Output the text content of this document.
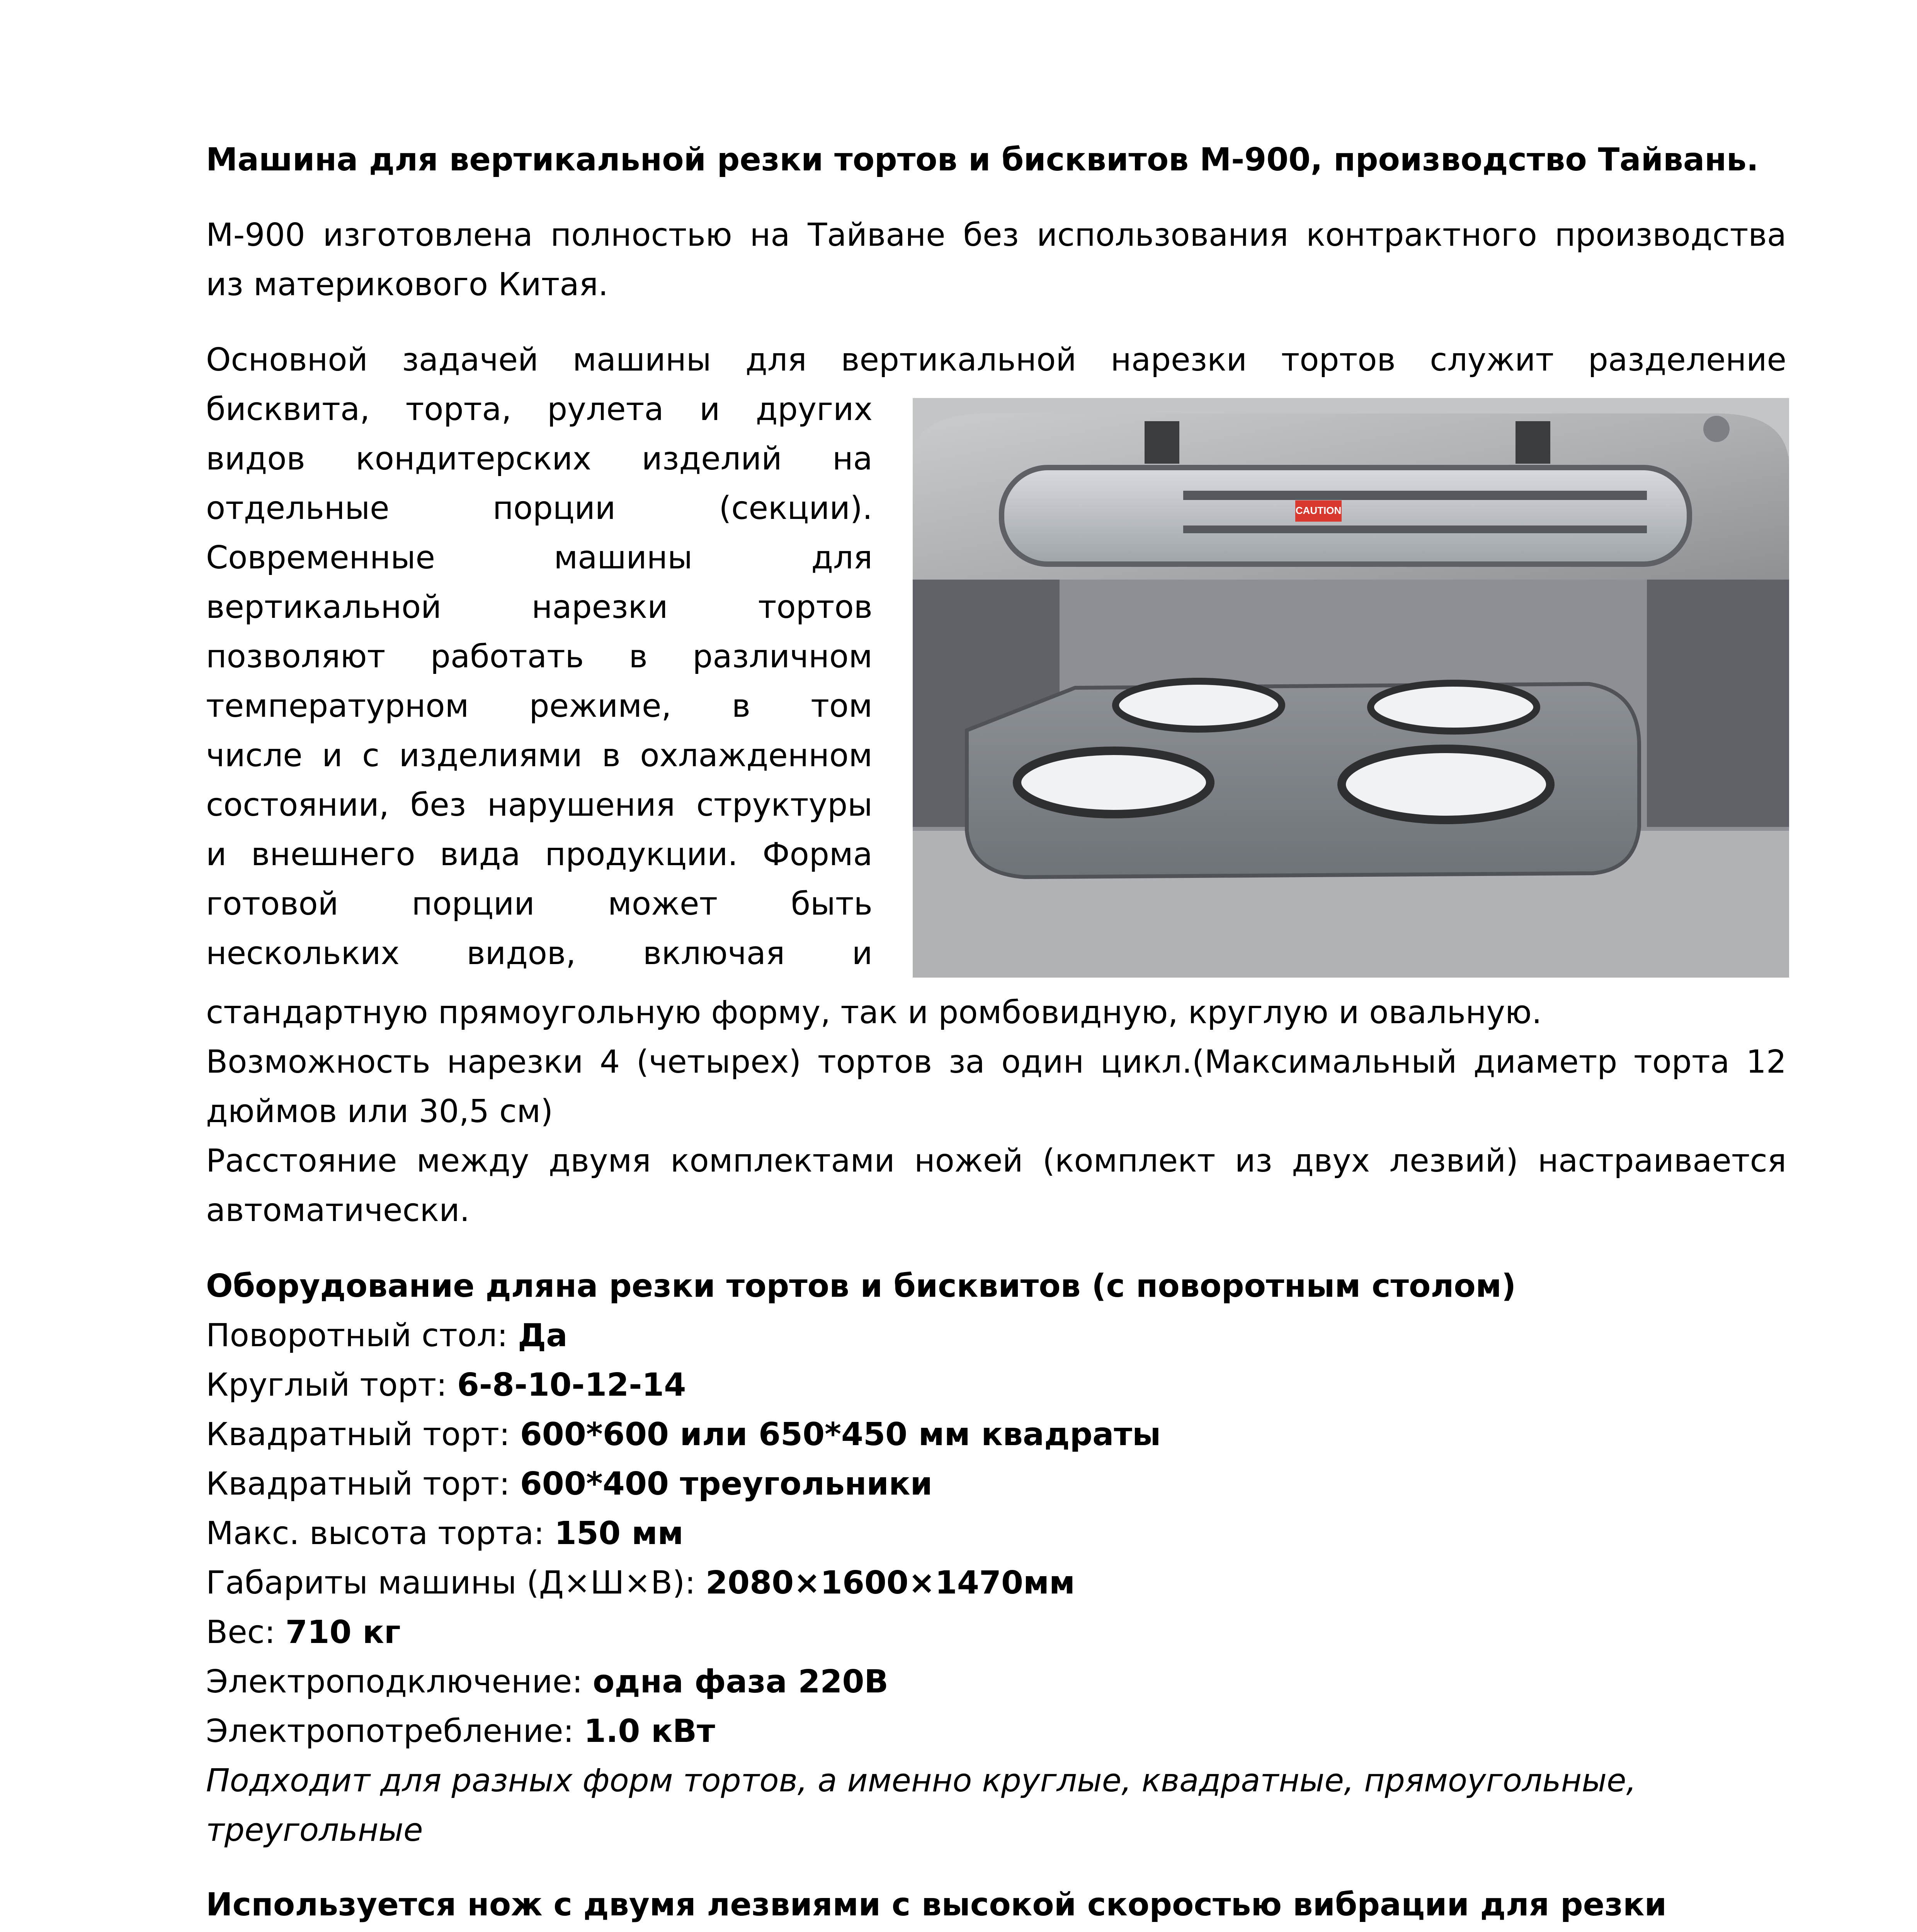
Машина для вертикальной резки тортов и бисквитов М-900, производство Тайвань.
М-900 изготовлена полностью на Тайване без использования контрактного производства
из материкового Китая.
Основной задачей машины для вертикальной нарезки тортов служит разделение
бисквита, торта, рулета и других
видов кондитерских изделий на
отдельные порции (секции).
Современные машины для
вертикальной нарезки тортов
позволяют работать в различном
температурном режиме, в том
числе и с изделиями в охлажденном
состоянии, без нарушения структуры
и внешнего вида продукции. Форма
готовой порции может быть
нескольких видов, включая и
CAUTION
стандартную прямоугольную форму, так и ромбовидную, круглую и овальную.
Возможность нарезки 4 (четырех) тортов за один цикл.(Максимальный диаметр торта 12
дюймов или 30,5 см)
Расстояние между двумя комплектами ножей (комплект из двух лезвий) настраивается
автоматически.
Оборудование дляна резки тортов и бисквитов (с поворотным столом)
Поворотный стол: Да
Круглый торт: 6-8-10-12-14
Квадратный торт: 600*600 или 650*450 мм квадраты
Квадратный торт: 600*400 треугольники
Макс. высота торта: 150 мм
Габариты машины (Д×Ш×В): 2080×1600×1470мм
Вес: 710 кг
Электроподключение: одна фаза 220В
Электропотребление: 1.0 кВт
Подходит для разных форм тортов, а именно круглые, квадратные, прямоугольные,
треугольные
Используется нож с двумя лезвиями с высокой скоростью вибрации для резки
